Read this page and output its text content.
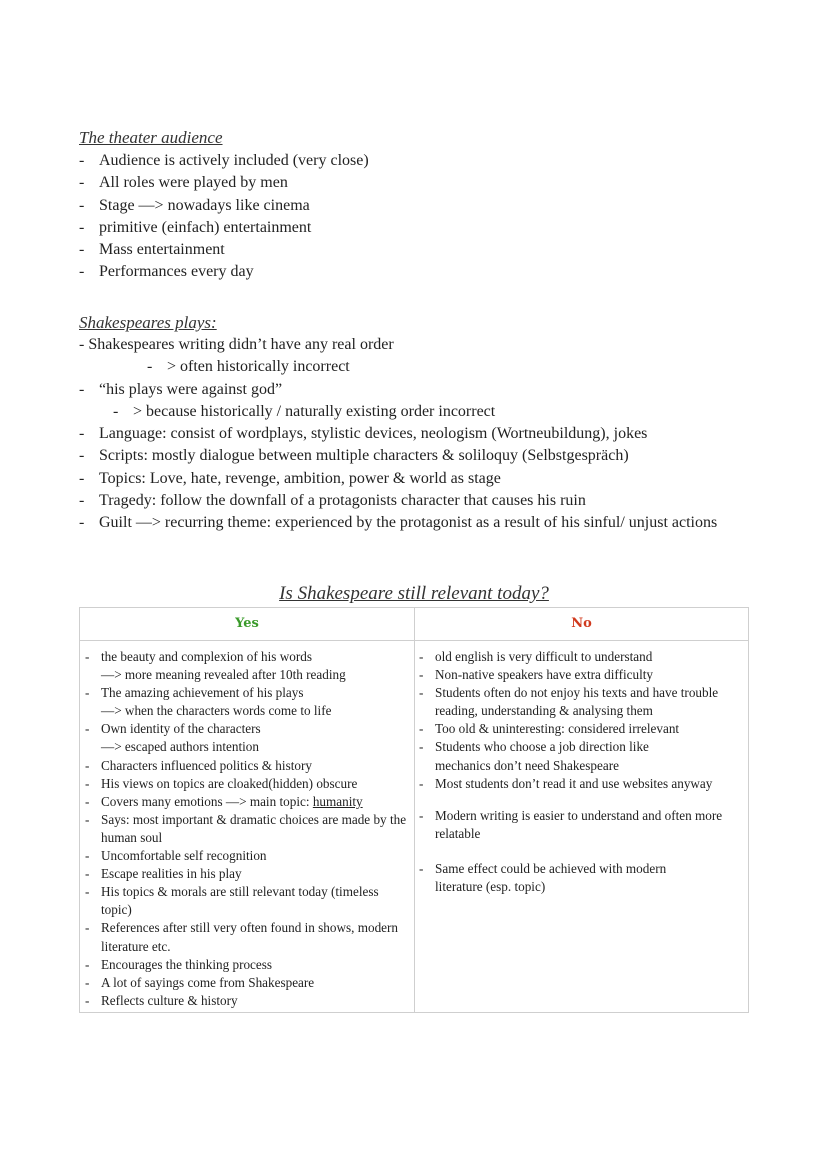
The theater audience
- Audience is actively included (very close)
- All roles were played by men
- Stage —> nowadays like cinema
- primitive (einfach) entertainment
- Mass entertainment
- Performances every day
Shakespeares plays:
- Shakespeares writing didn’t have any real order
- > often historically incorrect
- “his plays were against god”
- > because historically / naturally existing order incorrect
- Language: consist of wordplays, stylistic devices, neologism (Wortneubildung), jokes
- Scripts: mostly dialogue between multiple characters & soliloquy (Selbstgespräch)
- Topics: Love, hate, revenge, ambition, power & world as stage
- Tragedy: follow the downfall of a protagonists character that causes his ruin
- Guilt —> recurring theme: experienced by the protagonist as a result of his sinful/ unjust actions
Is Shakespeare still relevant today?
Yes	No
- the beauty and complexion of his words
—> more meaning revealed after 10th reading
- The amazing achievement of his plays
—> when the characters words come to life
- Own identity of the characters
—> escaped authors intention
- Characters influenced politics & history
- His views on topics are cloaked(hidden) obscure
- Covers many emotions —> main topic: humanity
- Says: most important & dramatic choices are made by the human soul
- Uncomfortable self recognition
- Escape realities in his play
- His topics & morals are still relevant today (timeless topic)
- References after still very often found in shows, modern literature etc.
- Encourages the thinking process
- A lot of sayings come from Shakespeare
- Reflects culture & history
- old english is very difficult to understand
- Non-native speakers have extra difficulty
- Students often do not enjoy his texts and have trouble reading, understanding & analysing them
- Too old & uninteresting: considered irrelevant
- Students who choose a job direction like mechanics don’t need Shakespeare
- Most students don’t read it and use websites anyway
- Modern writing is easier to understand and often more relatable
- Same effect could be achieved with modern literature (esp. topic)
